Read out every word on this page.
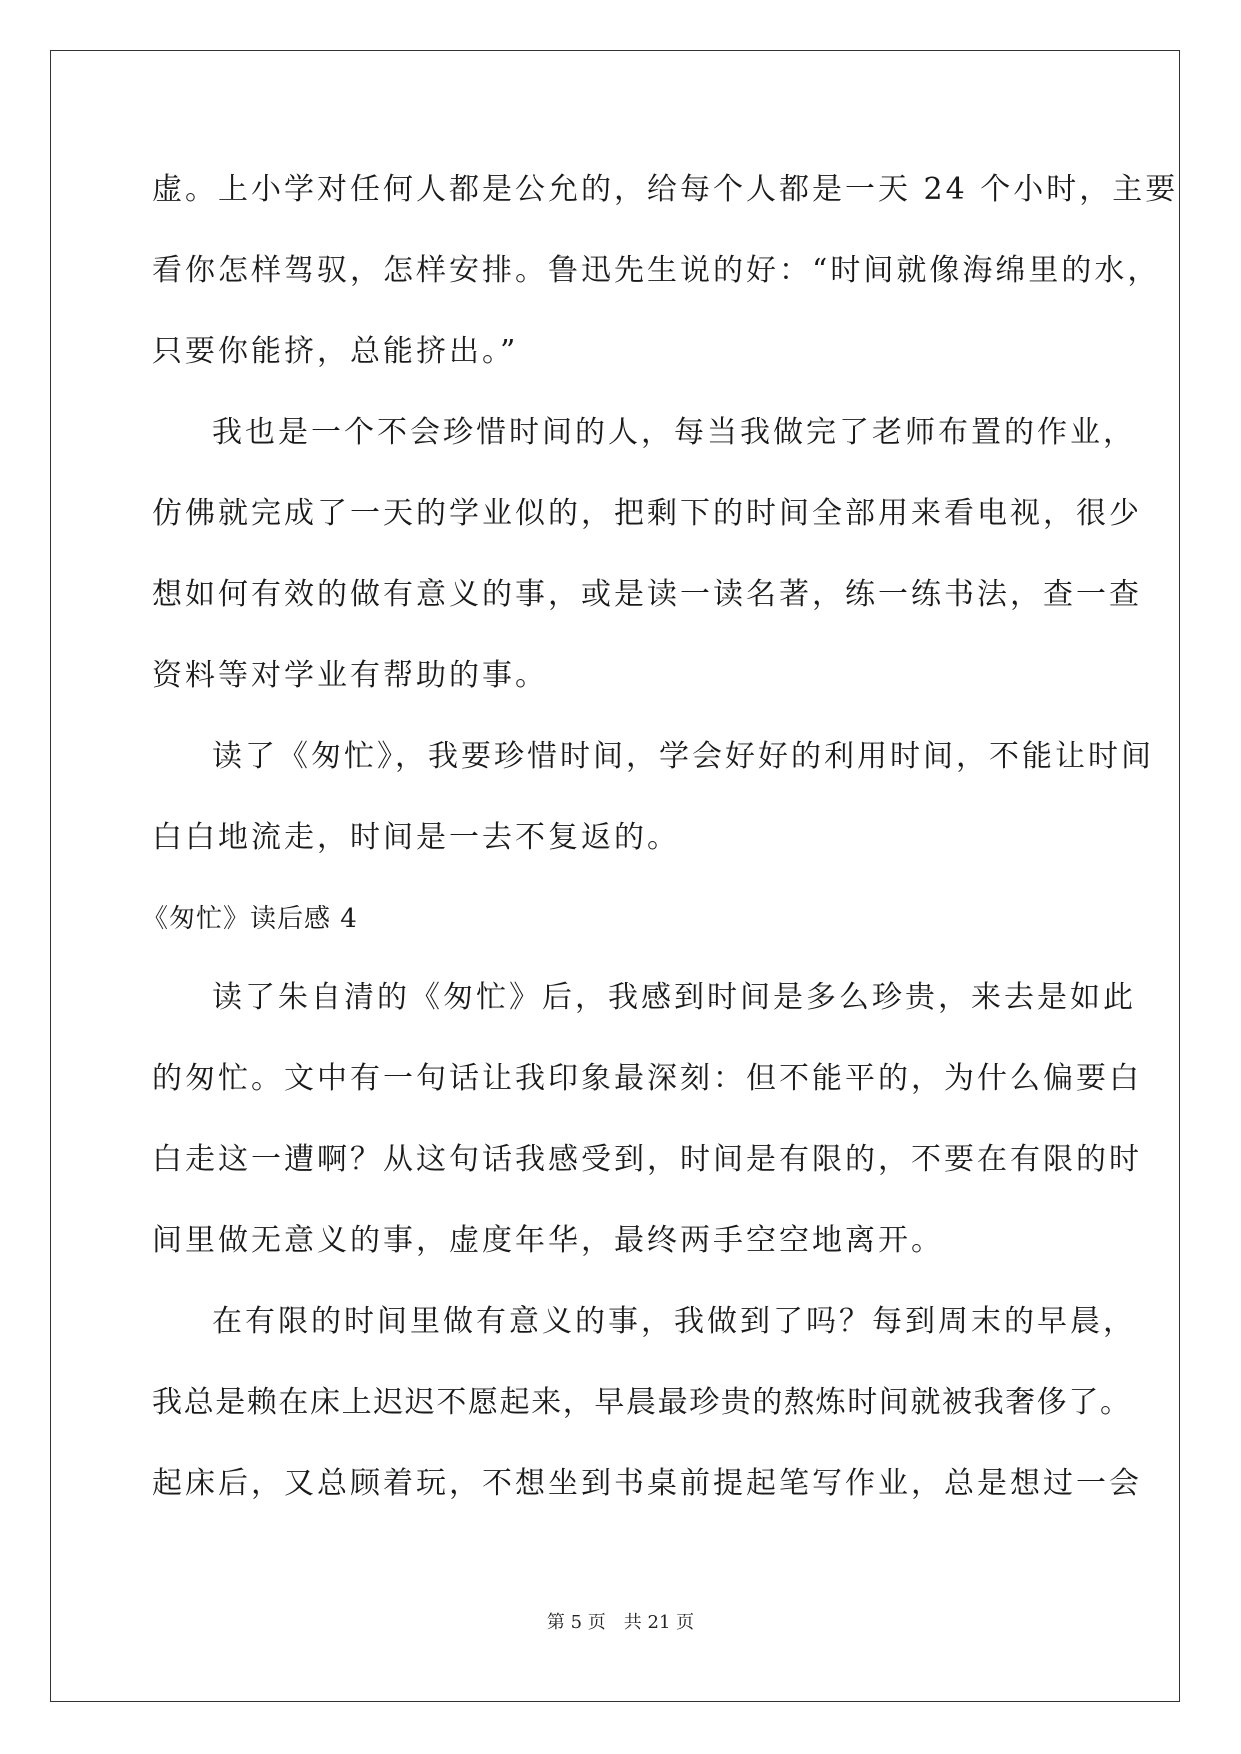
虚。上小学对任何人都是公允的，给每个人都是一天 24 个小时，主要
看你怎样驾驭，怎样安排。鲁迅先生说的好：“时间就像海绵里的水，
只要你能挤，总能挤出。”
我也是一个不会珍惜时间的人，每当我做完了老师布置的作业，
仿佛就完成了一天的学业似的，把剩下的时间全部用来看电视，很少
想如何有效的做有意义的事，或是读一读名著，练一练书法，查一查
资料等对学业有帮助的事。
读了《匆忙》，我要珍惜时间，学会好好的利用时间，不能让时间
白白地流走，时间是一去不复返的。
《匆忙》读后感 4
读了朱自清的《匆忙》后，我感到时间是多么珍贵，来去是如此
的匆忙。文中有一句话让我印象最深刻：但不能平的，为什么偏要白
白走这一遭啊？从这句话我感受到，时间是有限的，不要在有限的时
间里做无意义的事，虚度年华，最终两手空空地离开。
在有限的时间里做有意义的事，我做到了吗？每到周末的早晨，
我总是赖在床上迟迟不愿起来，早晨最珍贵的熬炼时间就被我奢侈了。
起床后，又总顾着玩，不想坐到书桌前提起笔写作业，总是想过一会
第 5 页 共 21 页
